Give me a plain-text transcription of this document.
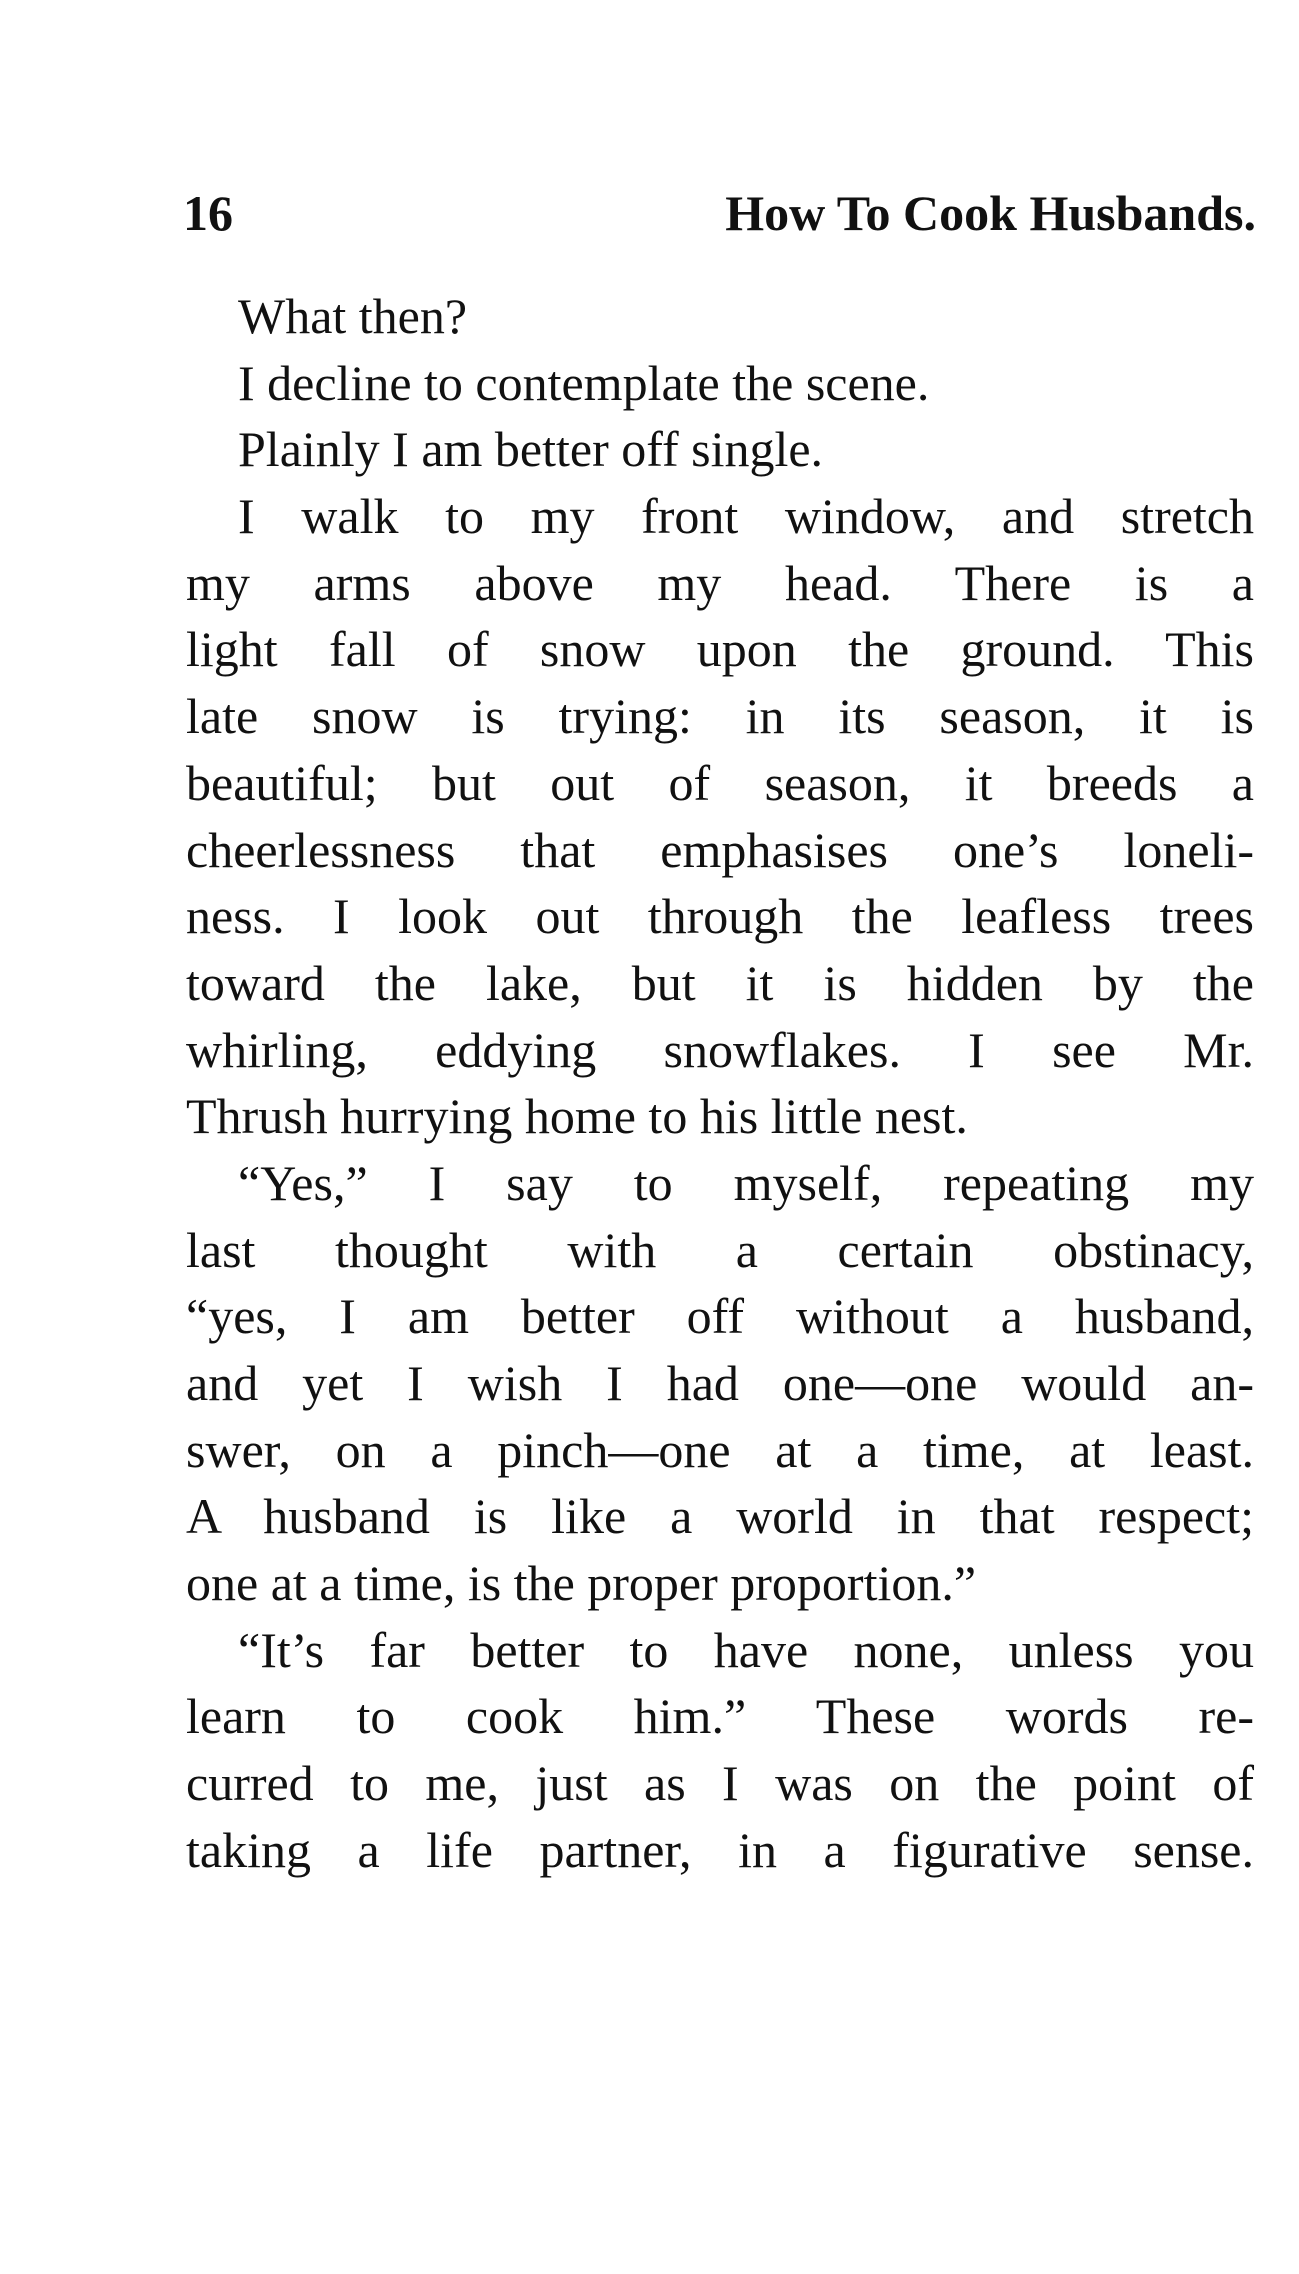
16	How To Cook Husbands.
What then?
I decline to contemplate the scene.
Plainly I am better off single.
I walk to my front window, and stretch
my arms above my head. There is a
light fall of snow upon the ground. This
late snow is trying: in its season, it is
beautiful; but out of season, it breeds a
cheerlessness that emphasises one’s loneli-
ness. I look out through the leafless trees
toward the lake, but it is hidden by the
whirling, eddying snowflakes. I see Mr.
Thrush hurrying home to his little nest.
“Yes,” I say to myself, repeating my
last thought with a certain obstinacy,
“yes, I am better off without a husband,
and yet I wish I had one—one would an-
swer, on a pinch—one at a time, at least.
A husband is like a world in that respect;
one at a time, is the proper proportion.”
“It’s far better to have none, unless you
learn to cook him.” These words re-
curred to me, just as I was on the point of
taking a life partner, in a figurative sense.
